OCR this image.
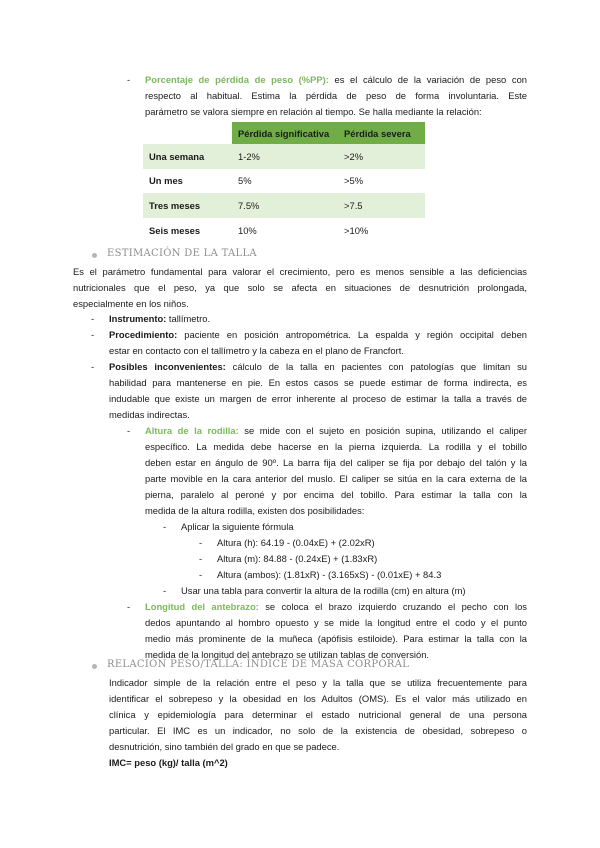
- Porcentaje de pérdida de peso (%PP): es el cálculo de la variación de peso con
respecto al habitual. Estima la pérdida de peso de forma involuntaria. Este
parámetro se valora siempre en relación al tiempo. Se halla mediante la relación:
	Pérdida significativa	Pérdida severa
Una semana	1-2%	>2%
Un mes	5%	>5%
Tres meses	7.5%	>7.5
Seis meses	10%	>10%
ESTIMACIÓN DE LA TALLA
Es el parámetro fundamental para valorar el crecimiento, pero es menos sensible a las deficiencias
nutricionales que el peso, ya que solo se afecta en situaciones de desnutrición prolongada,
especialmente en los niños.
- Instrumento: tallímetro.
- Procedimiento: paciente en posición antropométrica. La espalda y región occipital deben
estar en contacto con el tallímetro y la cabeza en el plano de Francfort.
- Posibles inconvenientes: cálculo de la talla en pacientes con patologías que limitan su
habilidad para mantenerse en pie. En estos casos se puede estimar de forma indirecta, es
indudable que existe un margen de error inherente al proceso de estimar la talla a través de
medidas indirectas.
- Altura de la rodilla: se mide con el sujeto en posición supina, utilizando el caliper
específico. La medida debe hacerse en la pierna izquierda. La rodilla y el tobillo
deben estar en ángulo de 90º. La barra fija del caliper se fija por debajo del talón y la
parte movible en la cara anterior del muslo. El caliper se sitúa en la cara externa de la
pierna, paralelo al peroné y por encima del tobillo. Para estimar la talla con la
medida de la altura rodilla, existen dos posibilidades:
- Aplicar la siguiente fórmula
- Altura (h): 64.19 - (0.04xE) + (2.02xR)
- Altura (m): 84.88 - (0.24xE) + (1.83xR)
- Altura (ambos): (1.81xR) - (3.165xS) - (0.01xE) + 84.3
- Usar una tabla para convertir la altura de la rodilla (cm) en altura (m)
- Longitud del antebrazo: se coloca el brazo izquierdo cruzando el pecho con los
dedos apuntando al hombro opuesto y se mide la longitud entre el codo y el punto
medio más prominente de la muñeca (apófisis estiloide). Para estimar la talla con la
medida de la longitud del antebrazo se utilizan tablas de conversión.
RELACIÓN PESO/TALLA: ÍNDICE DE MASA CORPORAL
Indicador simple de la relación entre el peso y la talla que se utiliza frecuentemente para
identificar el sobrepeso y la obesidad en los Adultos (OMS). Es el valor más utilizado en
clínica y epidemiología para determinar el estado nutricional general de una persona
particular. El IMC es un indicador, no solo de la existencia de obesidad, sobrepeso o
desnutrición, sino también del grado en que se padece.
IMC= peso (kg)/ talla (m^2)
